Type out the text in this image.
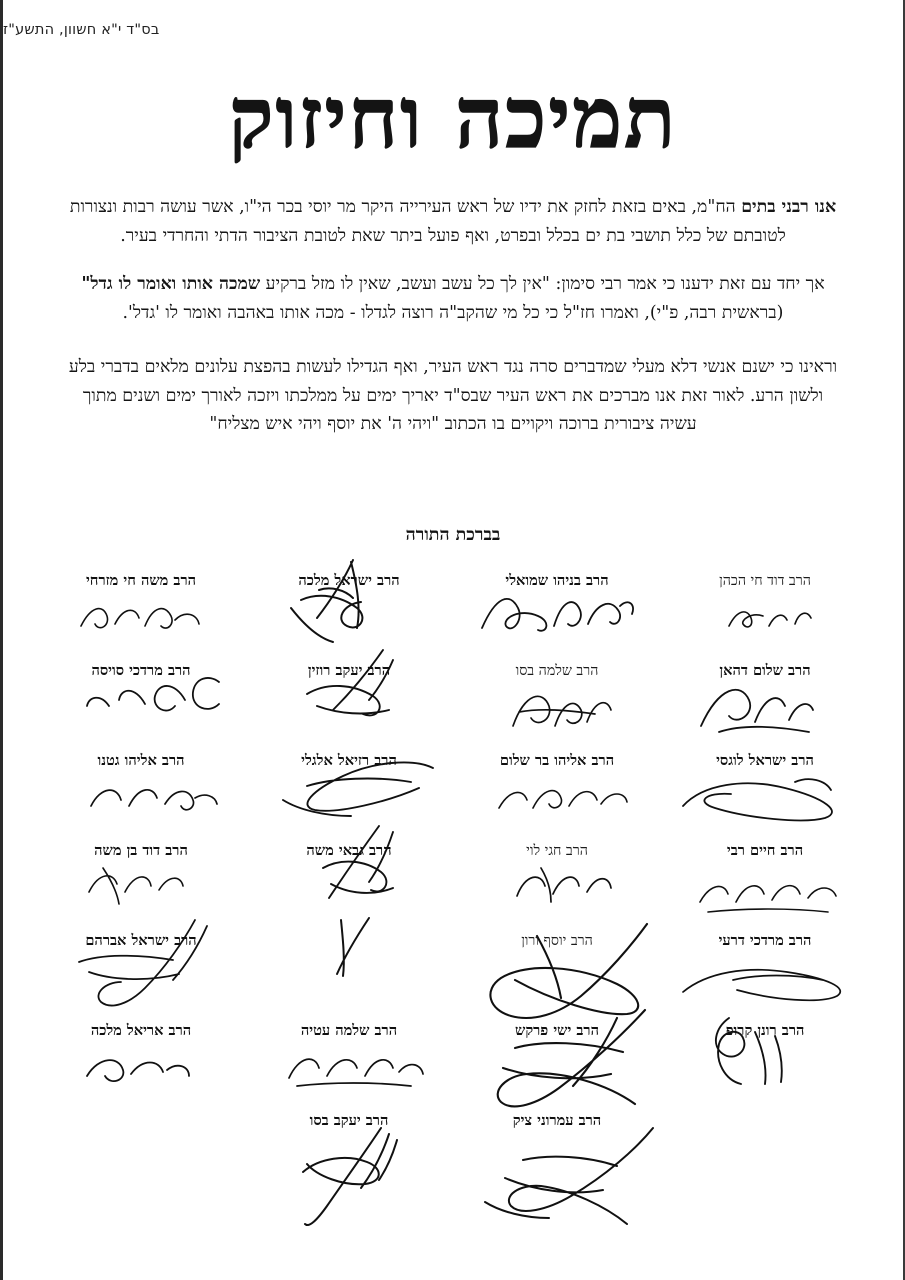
בס"ד י"א חשוון, התשע"ז
תמיכה וחיזוק

אנו רבני בתים הח"מ, באים בזאת לחזק את ידיו של ראש העירייה היקר מר יוסי בכר הי"ו, אשר עושה רבות ונצורות לטובתם של כלל תושבי בת ים בכלל ובפרט, ואף פועל ביתר שאת לטובת הציבור הדתי והחרדי בעיר.

אך יחד עם זאת ידענו כי אמר רבי סימון: "אין לך כל עשב ועשב, שאין לו מזל ברקיע שמכה אותו ואומר לו גדל" (בראשית רבה, פ"י), ואמרו חז"ל כי כל מי שהקב"ה רוצה לגדלו - מכה אותו באהבה ואומר לו 'גדל'.

וראינו כי ישנם אנשי דלא מעלי שמדברים סרה נגד ראש העיר, ואף הגדילו לעשות בהפצת עלונים מלאים בדברי בלע ולשון הרע. לאור זאת אנו מברכים את ראש העיר שבס"ד יאריך ימים על ממלכתו ויזכה לאורך ימים ושנים מתוך עשיה ציבורית ברוכה ויקויים בו הכתוב "ויהי ה' את יוסף ויהי איש מצליח"

בברכת התורה
הרב דוד חי הכהן
הרב בניהו שמואלי
הרב ישראל מלכה
הרב משה חי מזרחי
הרב שלום דהאן
הרב שלמה בסו
הרב יעקב רוזין
הרב מרדכי סויסה
הרב ישראל לוגסי
הרב אליהו בר שלום
הרב רזיאל אלגלי
הרב אליהו גטנו
הרב חיים רבי
הרב חגי לוי
הרב גבאי משה
הרב דוד בן משה
הרב מרדכי דרעי
הרב יוסף ורון
הרב ישראל אברהם
הרב רונן קרופ
הרב ישי פרקש
הרב שלמה עטיה
הרב אריאל מלכה
הרב עמרוני ציק
הרב יעקב בסו
